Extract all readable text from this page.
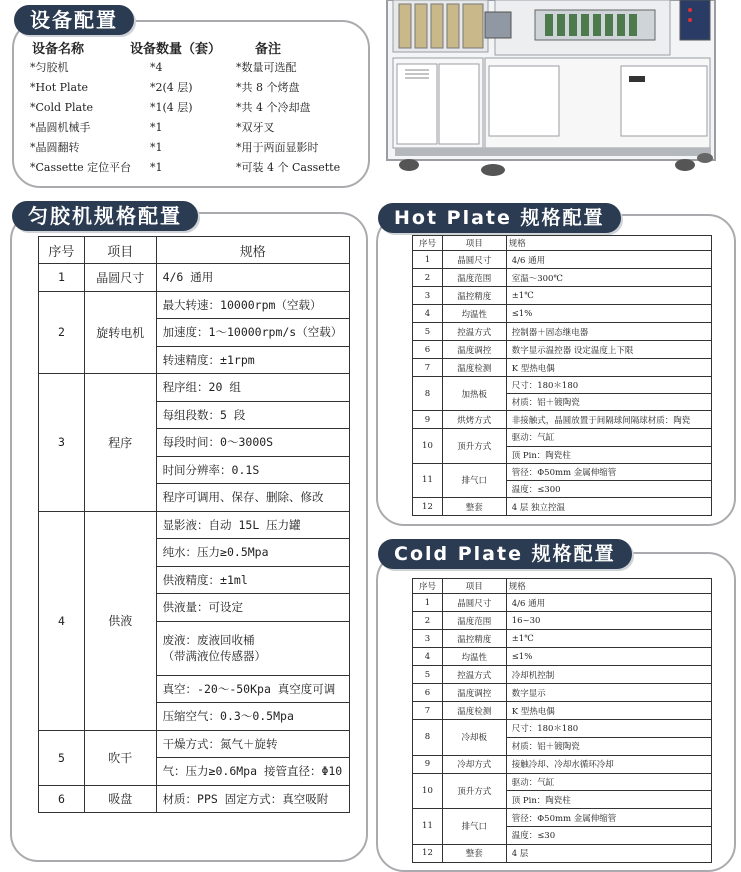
设备配置
设备名称	设备数量（套）	备注
*匀胶机	*4	*数量可选配
*Hot Plate	*2(4 层)	*共 8 个烤盘
*Cold Plate	*1(4 层)	*共 4 个冷却盘
*晶圆机械手	*1	*双牙叉
*晶圆翻转	*1	*用于两面显影时
*Cassette 定位平台 *1	*可装 4 个 Cassette
匀胶机规格配置
序号	项目	规格
1	晶圆尺寸	4/6 通用
2	旋转电机	最大转速：10000rpm（空载）
		加速度：1～10000rpm/s（空载）
		转速精度：±1rpm
3	程序	程序组：20 组
		每组段数：5 段
		每段时间：0～3000S
		时间分辨率：0.1S
		程序可调用、保存、删除、修改
4	供液	显影液：自动 15L 压力罐
		纯水：压力≥0.5Mpa
		供液精度：±1ml
		供液量：可设定
		废液：废液回收桶
（带满液位传感器）
		真空：-20～-50Kpa 真空度可调
		压缩空气：0.3～0.5Mpa
5	吹干	干燥方式：氮气＋旋转
		气：压力≥0.6Mpa 接管直径：Φ10
6	吸盘	材质：PPS 固定方式：真空吸附
Hot Plate 规格配置
序号	项目	规格
1	晶圆尺寸	4/6 通用
2	温度范围	室温～300℃
3	温控精度	±1℃
4	均温性	≤1%
5	控温方式	控制器＋固态继电器
6	温度调控	数字显示温控器 设定温度上下限
7	温度检测	K 型热电偶
8	加热板	尺寸：180＊180
		材质：铝＋镀陶瓷
9	烘烤方式	非接触式，晶圆放置于间隔球间隔球材质：陶瓷
10	顶升方式	驱动：气缸
		顶 Pin：陶瓷柱
11	排气口	管径：Φ50mm 金属伸缩管
		温度：≤300
12	整套	4 层 独立控温
Cold Plate 规格配置
序号	项目	规格
1	晶圆尺寸	4/6 通用
2	温度范围	16~30
3	温控精度	±1℃
4	均温性	≤1%
5	控温方式	冷却机控制
6	温度调控	数字显示
7	温度检测	K 型热电偶
8	冷却板	尺寸：180＊180
		材质：铝＋镀陶瓷
9	冷却方式	接触冷却、冷却水循环冷却
10	顶升方式	驱动：气缸
		顶 Pin：陶瓷柱
11	排气口	管径：Φ50mm 金属伸缩管
		温度：≤30
12	整套	4 层
